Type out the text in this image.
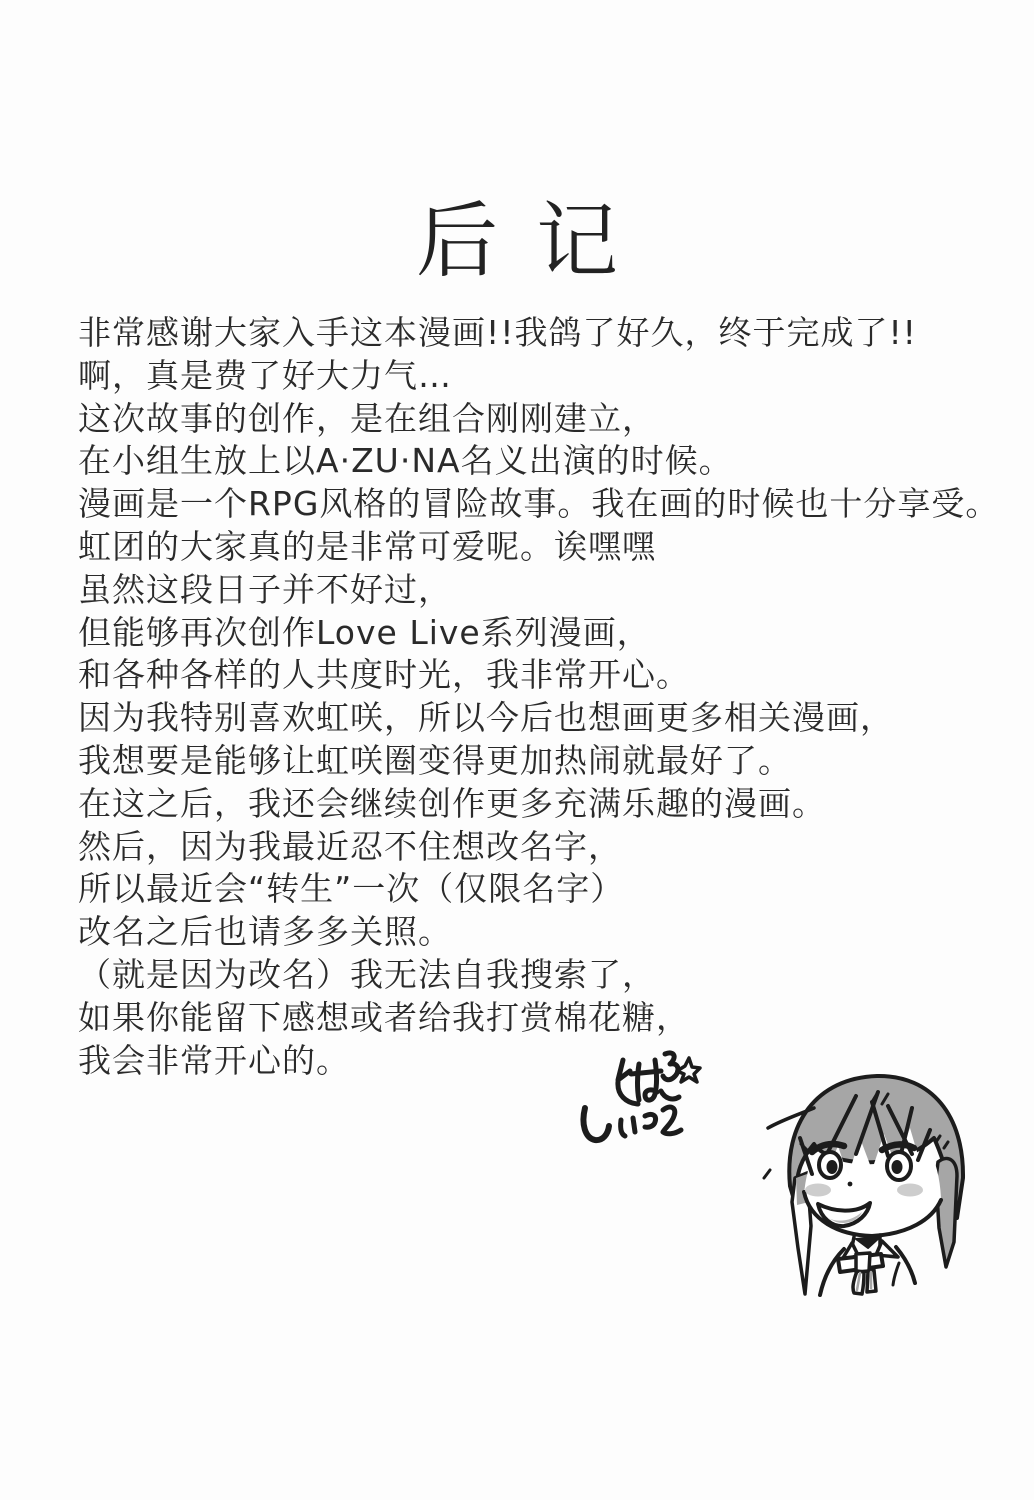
后记
非常感谢大家入手这本漫画!!我鸽了好久，终于完成了!!
啊，真是费了好大力气…
这次故事的创作，是在组合刚刚建立，
在小组生放上以A·ZU·NA名义出演的时候。
漫画是一个RPG风格的冒险故事。我在画的时候也十分享受。
虹团的大家真的是非常可爱呢。诶嘿嘿
虽然这段日子并不好过，
但能够再次创作Love Live系列漫画，
和各种各样的人共度时光，我非常开心。
因为我特别喜欢虹咲，所以今后也想画更多相关漫画，
我想要是能够让虹咲圈变得更加热闹就最好了。
在这之后，我还会继续创作更多充满乐趣的漫画。
然后，因为我最近忍不住想改名字，
所以最近会“转生”一次（仅限名字）
改名之后也请多多关照。
（就是因为改名）我无法自我搜索了，
如果你能留下感想或者给我打赏棉花糖，
我会非常开心的。
